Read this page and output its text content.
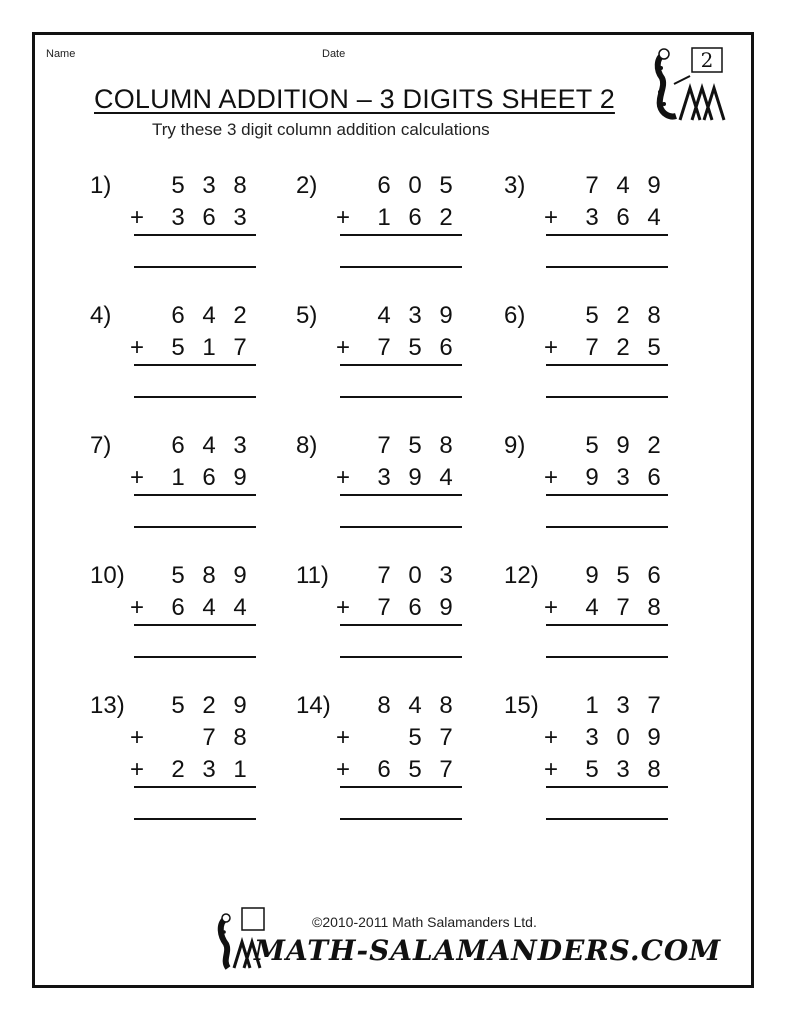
Name	Date	2
COLUMN ADDITION – 3 DIGITS SHEET 2
Try these 3 digit column addition calculations
1) 5 3 8
+ 3 6 3
2) 6 0 5
+ 1 6 2
3) 7 4 9
+ 3 6 4
4) 6 4 2
+ 5 1 7
5) 4 3 9
+ 7 5 6
6) 5 2 8
+ 7 2 5
7) 6 4 3
+ 1 6 9
8) 7 5 8
+ 3 9 4
9) 5 9 2
+ 9 3 6
10) 5 8 9
+ 6 4 4
11) 7 0 3
+ 7 6 9
12) 9 5 6
+ 4 7 8
13) 5 2 9
+ 7 8
+ 2 3 1
14) 8 4 8
+ 5 7
+ 6 5 7
15) 1 3 7
+ 3 0 9
+ 5 3 8
©2010-2011 Math Salamanders Ltd.
MATH-SALAMANDERS.COM
